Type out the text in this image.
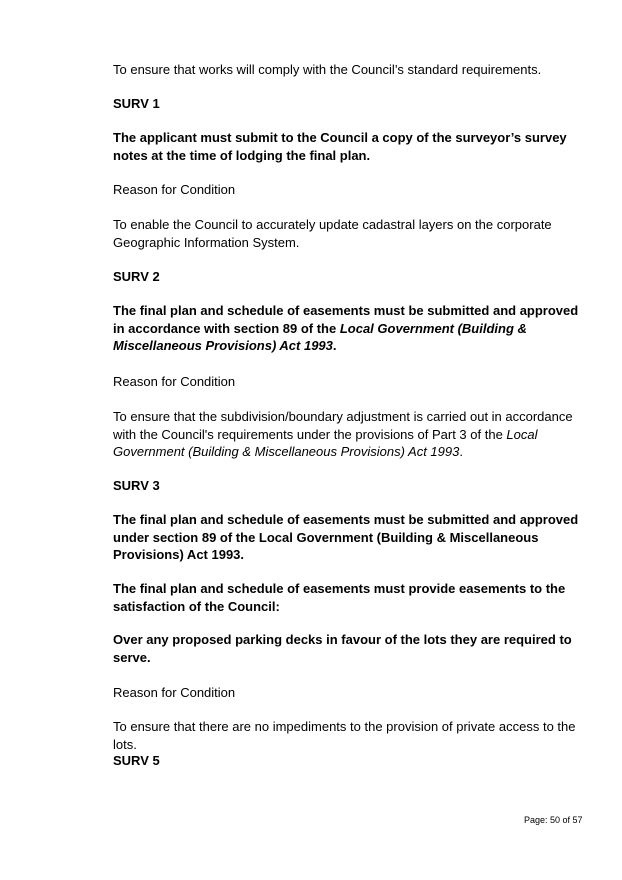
To ensure that works will comply with the Council’s standard requirements.

SURV 1

The applicant must submit to the Council a copy of the surveyor’s survey notes at the time of lodging the final plan.

Reason for Condition

To enable the Council to accurately update cadastral layers on the corporate Geographic Information System.

SURV 2

The final plan and schedule of easements must be submitted and approved in accordance with section 89 of the Local Government (Building & Miscellaneous Provisions) Act 1993.

Reason for Condition

To ensure that the subdivision/boundary adjustment is carried out in accordance with the Council's requirements under the provisions of Part 3 of the Local Government (Building & Miscellaneous Provisions) Act 1993.

SURV 3

The final plan and schedule of easements must be submitted and approved under section 89 of the Local Government (Building & Miscellaneous Provisions) Act 1993.

The final plan and schedule of easements must provide easements to the satisfaction of the Council:

Over any proposed parking decks in favour of the lots they are required to serve.

Reason for Condition

To ensure that there are no impediments to the provision of private access to the lots.

SURV 5

Page: 50 of 57
